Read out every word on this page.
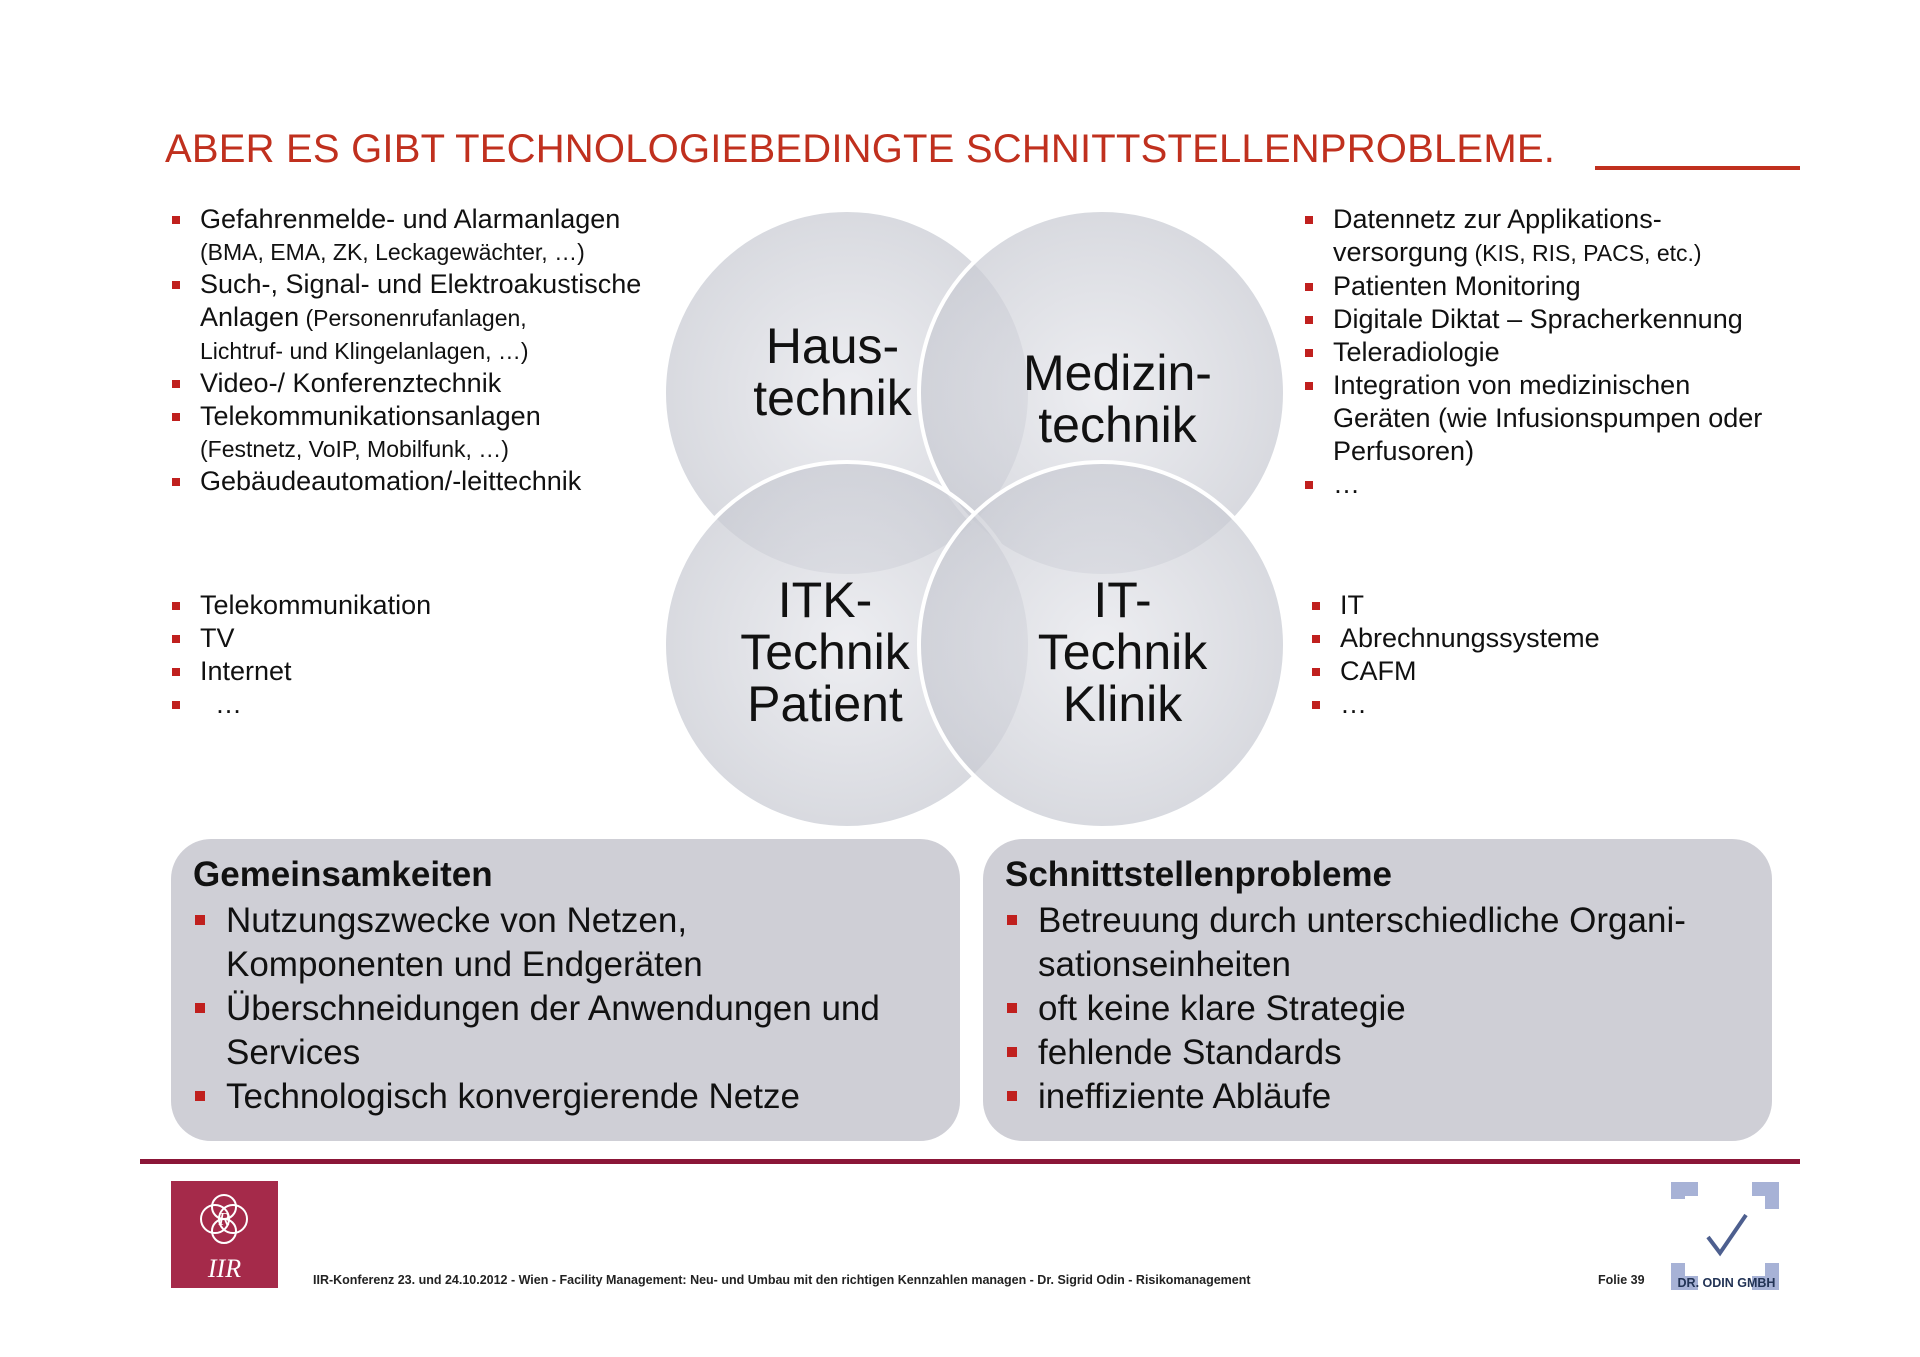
ABER ES GIBT TECHNOLOGIEBEDINGTE SCHNITTSTELLENPROBLEME.
Gefahrenmelde- und Alarmanlagen
(BMA, EMA, ZK, Leckagewächter, …)
Such-, Signal- und Elektroakustische
Anlagen (Personenrufanlagen,
Lichtruf- und Klingelanlagen, …)
Video-/ Konferenztechnik
Telekommunikationsanlagen
(Festnetz, VoIP, Mobilfunk, …)
Gebäudeautomation/-leittechnik
Datennetz zur Applikations-
versorgung (KIS, RIS, PACS, etc.)
Patienten Monitoring
Digitale Diktat – Spracherkennung
Teleradiologie
Integration von medizinischen
Geräten (wie Infusionspumpen oder
Perfusoren)
…
Telekommunikation
TV
Internet
…
IT
Abrechnungssysteme
CAFM
…
Haus-
technik Medizin-
technik
ITK-
Technik
Patient
IT-
Technik
Klinik
Gemeinsamkeiten
Nutzungszwecke von Netzen,
Komponenten und Endgeräten
Überschneidungen der Anwendungen und
Services
Technologisch konvergierende Netze
Schnittstellenprobleme
Betreuung durch unterschiedliche Organi-
sationseinheiten
oft keine klare Strategie
fehlende Standards
ineffiziente Abläufe
R
IIR	IIR-Konferenz 23. und 24.10.2012 - Wien - Facility Management: Neu- und Umbau mit den richtigen Kennzahlen managen - Dr. Sigrid Odin - Risikomanagement	Folie 39	DR. ODIN GMBH
